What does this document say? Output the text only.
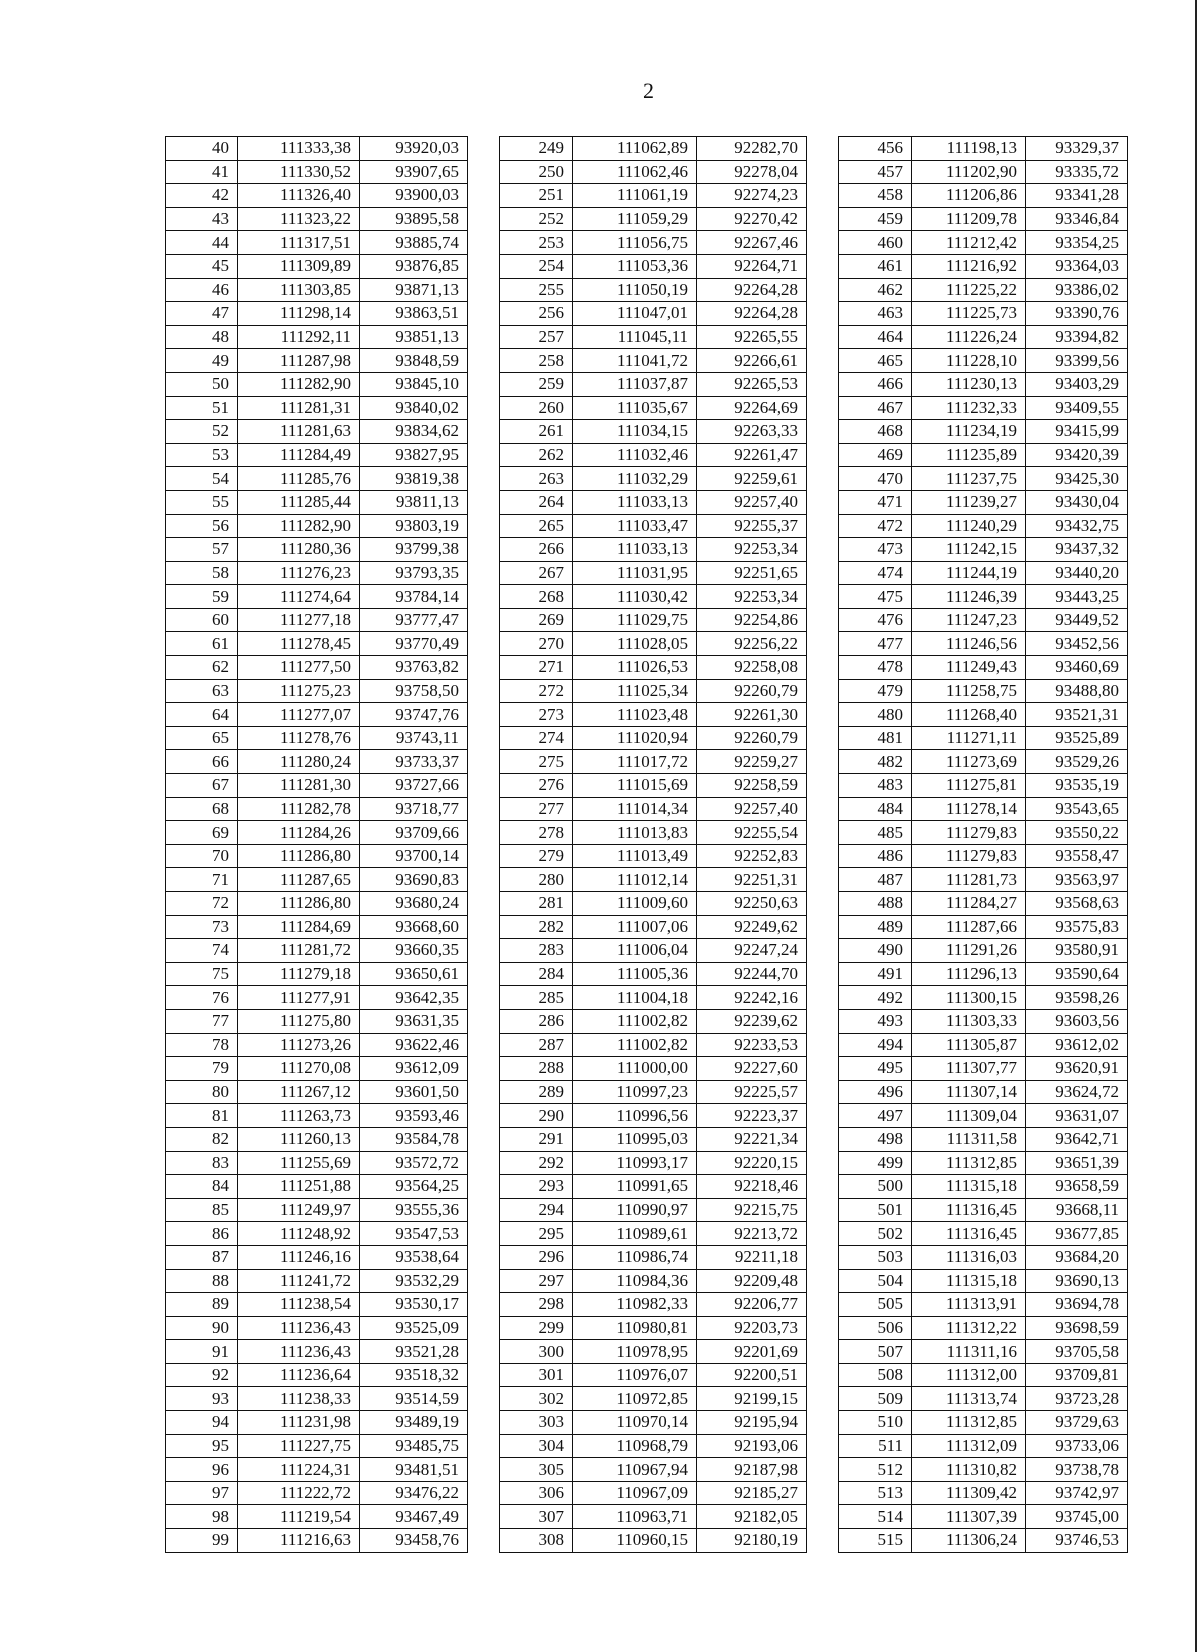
2
40	111333,38	93920,03		249	111062,89	92282,70		456	111198,13	93329,37
41	111330,52	93907,65		250	111062,46	92278,04		457	111202,90	93335,72
42	111326,40	93900,03		251	111061,19	92274,23		458	111206,86	93341,28
43	111323,22	93895,58		252	111059,29	92270,42		459	111209,78	93346,84
44	111317,51	93885,74		253	111056,75	92267,46		460	111212,42	93354,25
45	111309,89	93876,85		254	111053,36	92264,71		461	111216,92	93364,03
46	111303,85	93871,13		255	111050,19	92264,28		462	111225,22	93386,02
47	111298,14	93863,51		256	111047,01	92264,28		463	111225,73	93390,76
48	111292,11	93851,13		257	111045,11	92265,55		464	111226,24	93394,82
49	111287,98	93848,59		258	111041,72	92266,61		465	111228,10	93399,56
50	111282,90	93845,10		259	111037,87	92265,53		466	111230,13	93403,29
51	111281,31	93840,02		260	111035,67	92264,69		467	111232,33	93409,55
52	111281,63	93834,62		261	111034,15	92263,33		468	111234,19	93415,99
53	111284,49	93827,95		262	111032,46	92261,47		469	111235,89	93420,39
54	111285,76	93819,38		263	111032,29	92259,61		470	111237,75	93425,30
55	111285,44	93811,13		264	111033,13	92257,40		471	111239,27	93430,04
56	111282,90	93803,19		265	111033,47	92255,37		472	111240,29	93432,75
57	111280,36	93799,38		266	111033,13	92253,34		473	111242,15	93437,32
58	111276,23	93793,35		267	111031,95	92251,65		474	111244,19	93440,20
59	111274,64	93784,14		268	111030,42	92253,34		475	111246,39	93443,25
60	111277,18	93777,47		269	111029,75	92254,86		476	111247,23	93449,52
61	111278,45	93770,49		270	111028,05	92256,22		477	111246,56	93452,56
62	111277,50	93763,82		271	111026,53	92258,08		478	111249,43	93460,69
63	111275,23	93758,50		272	111025,34	92260,79		479	111258,75	93488,80
64	111277,07	93747,76		273	111023,48	92261,30		480	111268,40	93521,31
65	111278,76	93743,11		274	111020,94	92260,79		481	111271,11	93525,89
66	111280,24	93733,37		275	111017,72	92259,27		482	111273,69	93529,26
67	111281,30	93727,66		276	111015,69	92258,59		483	111275,81	93535,19
68	111282,78	93718,77		277	111014,34	92257,40		484	111278,14	93543,65
69	111284,26	93709,66		278	111013,83	92255,54		485	111279,83	93550,22
70	111286,80	93700,14		279	111013,49	92252,83		486	111279,83	93558,47
71	111287,65	93690,83		280	111012,14	92251,31		487	111281,73	93563,97
72	111286,80	93680,24		281	111009,60	92250,63		488	111284,27	93568,63
73	111284,69	93668,60		282	111007,06	92249,62		489	111287,66	93575,83
74	111281,72	93660,35		283	111006,04	92247,24		490	111291,26	93580,91
75	111279,18	93650,61		284	111005,36	92244,70		491	111296,13	93590,64
76	111277,91	93642,35		285	111004,18	92242,16		492	111300,15	93598,26
77	111275,80	93631,35		286	111002,82	92239,62		493	111303,33	93603,56
78	111273,26	93622,46		287	111002,82	92233,53		494	111305,87	93612,02
79	111270,08	93612,09		288	111000,00	92227,60		495	111307,77	93620,91
80	111267,12	93601,50		289	110997,23	92225,57		496	111307,14	93624,72
81	111263,73	93593,46		290	110996,56	92223,37		497	111309,04	93631,07
82	111260,13	93584,78		291	110995,03	92221,34		498	111311,58	93642,71
83	111255,69	93572,72		292	110993,17	92220,15		499	111312,85	93651,39
84	111251,88	93564,25		293	110991,65	92218,46		500	111315,18	93658,59
85	111249,97	93555,36		294	110990,97	92215,75		501	111316,45	93668,11
86	111248,92	93547,53		295	110989,61	92213,72		502	111316,45	93677,85
87	111246,16	93538,64		296	110986,74	92211,18		503	111316,03	93684,20
88	111241,72	93532,29		297	110984,36	92209,48		504	111315,18	93690,13
89	111238,54	93530,17		298	110982,33	92206,77		505	111313,91	93694,78
90	111236,43	93525,09		299	110980,81	92203,73		506	111312,22	93698,59
91	111236,43	93521,28		300	110978,95	92201,69		507	111311,16	93705,58
92	111236,64	93518,32		301	110976,07	92200,51		508	111312,00	93709,81
93	111238,33	93514,59		302	110972,85	92199,15		509	111313,74	93723,28
94	111231,98	93489,19		303	110970,14	92195,94		510	111312,85	93729,63
95	111227,75	93485,75		304	110968,79	92193,06		511	111312,09	93733,06
96	111224,31	93481,51		305	110967,94	92187,98		512	111310,82	93738,78
97	111222,72	93476,22		306	110967,09	92185,27		513	111309,42	93742,97
98	111219,54	93467,49		307	110963,71	92182,05		514	111307,39	93745,00
99	111216,63	93458,76		308	110960,15	92180,19		515	111306,24	93746,53
